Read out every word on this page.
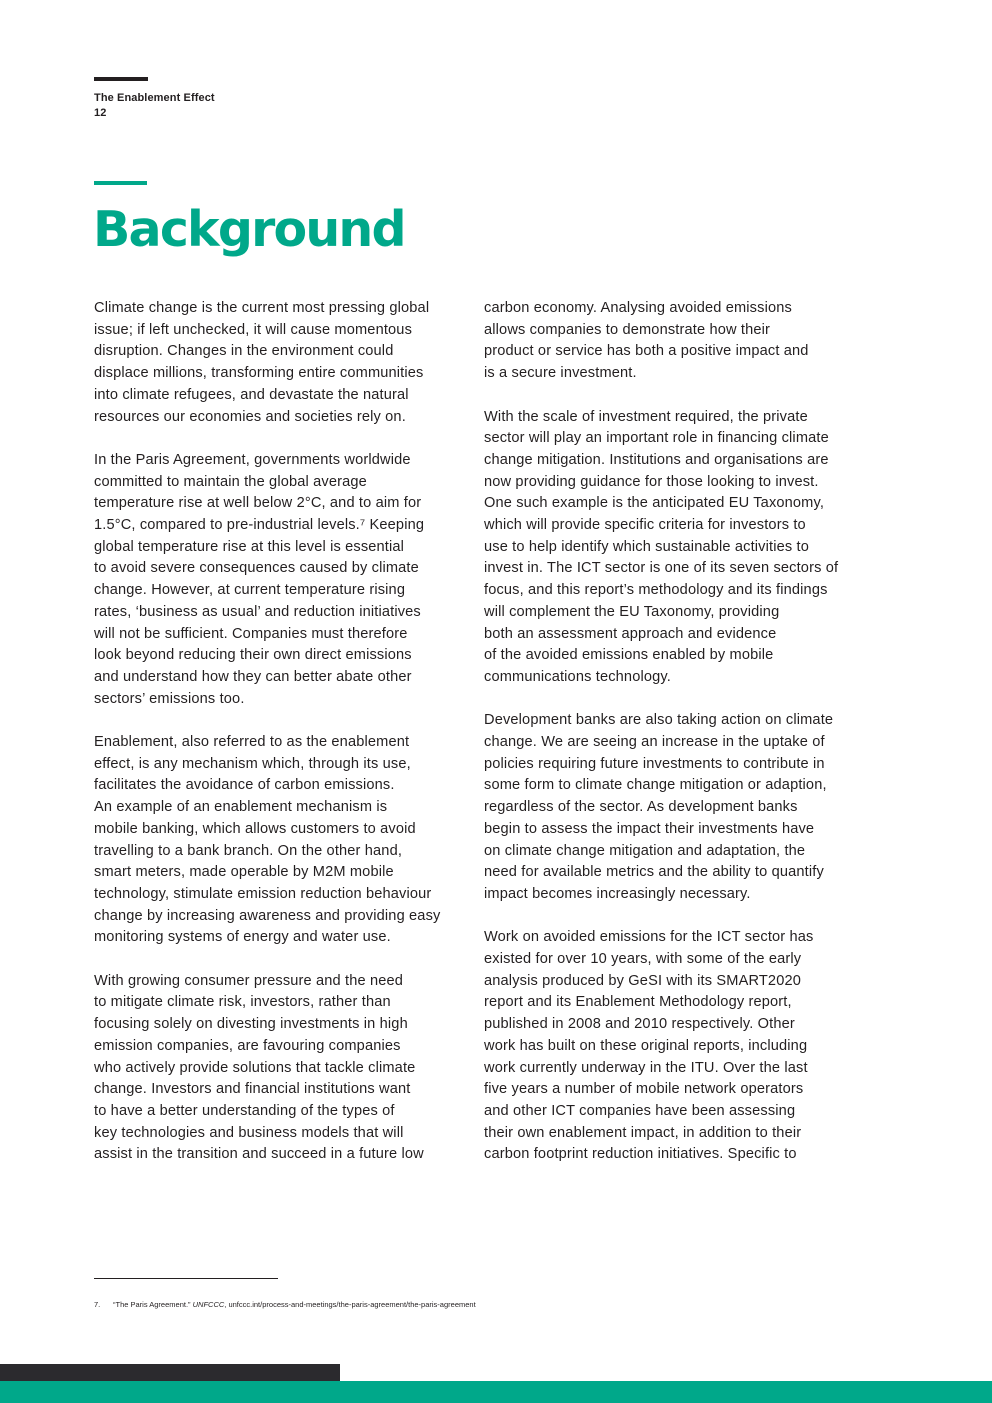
The Enablement Effect
12
Background

Climate change is the current most pressing global
issue; if left unchecked, it will cause momentous
disruption. Changes in the environment could
displace millions, transforming entire communities
into climate refugees, and devastate the natural
resources our economies and societies rely on.

In the Paris Agreement, governments worldwide
committed to maintain the global average
temperature rise at well below 2°C, and to aim for
1.5°C, compared to pre-industrial levels.⁷ Keeping
global temperature rise at this level is essential
to avoid severe consequences caused by climate
change. However, at current temperature rising
rates, ‘business as usual’ and reduction initiatives
will not be sufficient. Companies must therefore
look beyond reducing their own direct emissions
and understand how they can better abate other
sectors’ emissions too.

Enablement, also referred to as the enablement
effect, is any mechanism which, through its use,
facilitates the avoidance of carbon emissions.
An example of an enablement mechanism is
mobile banking, which allows customers to avoid
travelling to a bank branch. On the other hand,
smart meters, made operable by M2M mobile
technology, stimulate emission reduction behaviour
change by increasing awareness and providing easy
monitoring systems of energy and water use.

With growing consumer pressure and the need
to mitigate climate risk, investors, rather than
focusing solely on divesting investments in high
emission companies, are favouring companies
who actively provide solutions that tackle climate
change. Investors and financial institutions want
to have a better understanding of the types of
key technologies and business models that will
assist in the transition and succeed in a future low

carbon economy. Analysing avoided emissions
allows companies to demonstrate how their
product or service has both a positive impact and
is a secure investment.

With the scale of investment required, the private
sector will play an important role in financing climate
change mitigation. Institutions and organisations are
now providing guidance for those looking to invest.
One such example is the anticipated EU Taxonomy,
which will provide specific criteria for investors to
use to help identify which sustainable activities to
invest in. The ICT sector is one of its seven sectors of
focus, and this report’s methodology and its findings
will complement the EU Taxonomy, providing
both an assessment approach and evidence
of the avoided emissions enabled by mobile
communications technology.

Development banks are also taking action on climate
change. We are seeing an increase in the uptake of
policies requiring future investments to contribute in
some form to climate change mitigation or adaption,
regardless of the sector. As development banks
begin to assess the impact their investments have
on climate change mitigation and adaptation, the
need for available metrics and the ability to quantify
impact becomes increasingly necessary.

Work on avoided emissions for the ICT sector has
existed for over 10 years, with some of the early
analysis produced by GeSI with its SMART2020
report and its Enablement Methodology report,
published in 2008 and 2010 respectively. Other
work has built on these original reports, including
work currently underway in the ITU. Over the last
five years a number of mobile network operators
and other ICT companies have been assessing
their own enablement impact, in addition to their
carbon footprint reduction initiatives. Specific to

7. “The Paris Agreement.” UNFCCC, unfccc.int/process-and-meetings/the-paris-agreement/the-paris-agreement
